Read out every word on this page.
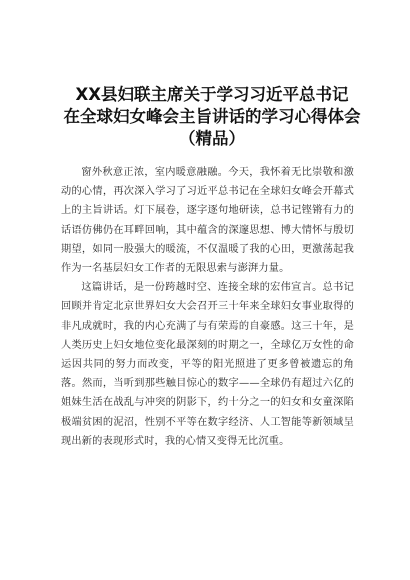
XX县妇联主席关于学习习近平总书记
在全球妇女峰会主旨讲话的学习心得体会
（精品）

窗外秋意正浓，室内暖意融融。今天，我怀着无比崇敬和激动的心情，再次深入学习了习近平总书记在全球妇女峰会开幕式上的主旨讲话。灯下展卷，逐字逐句地研读，总书记铿锵有力的话语仿佛仍在耳畔回响，其中蕴含的深邃思想、博大情怀与殷切期望，如同一股强大的暖流，不仅温暖了我的心田，更激荡起我作为一名基层妇女工作者的无限思索与澎湃力量。

这篇讲话，是一份跨越时空、连接全球的宏伟宣言。总书记回顾并肯定北京世界妇女大会召开三十年来全球妇女事业取得的非凡成就时，我的内心充满了与有荣焉的自豪感。这三十年，是人类历史上妇女地位变化最深刻的时期之一，全球亿万女性的命运因共同的努力而改变，平等的阳光照进了更多曾被遗忘的角落。然而，当听到那些触目惊心的数字——全球仍有超过六亿的姐妹生活在战乱与冲突的阴影下，约十分之一的妇女和女童深陷极端贫困的泥沼，性别不平等在数字经济、人工智能等新领域呈现出新的表现形式时，我的心情又变得无比沉重。
